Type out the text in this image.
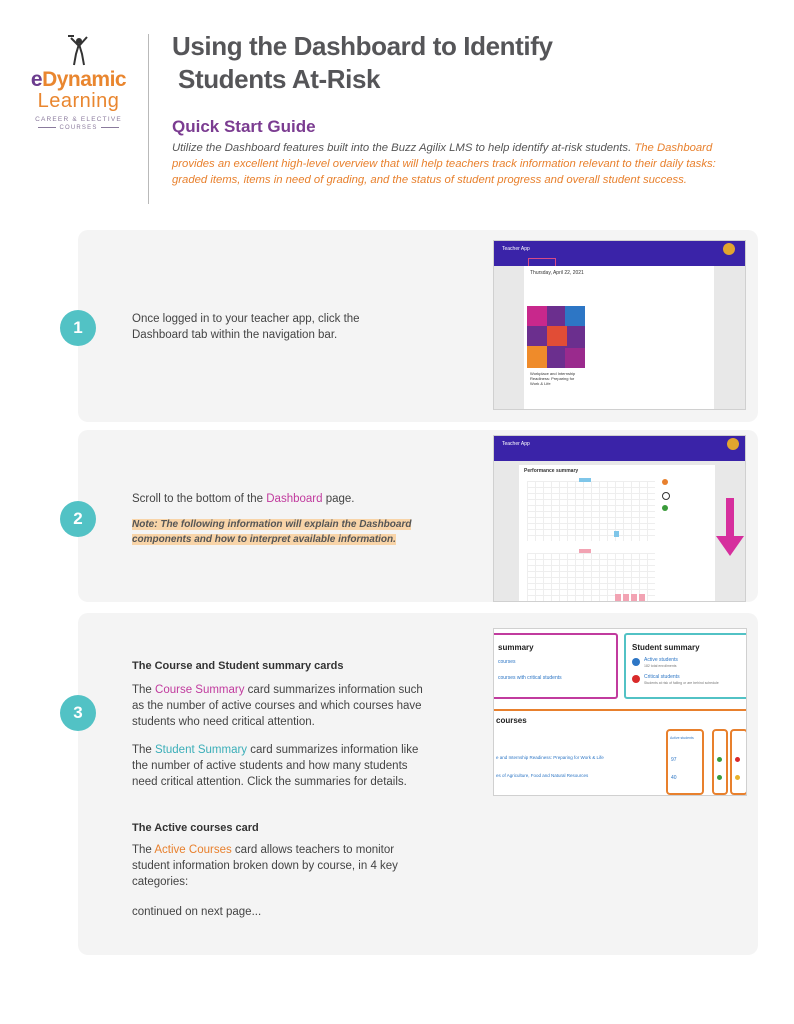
eDynamic
Learning
CAREER & ELECTIVE
COURSES
Using the Dashboard to Identify
Students At-Risk
Quick Start Guide
Utilize the Dashboard features built into the Buzz Agilix LMS to help identify at-risk students. The Dashboard provides an excellent high-level overview that will help teachers track information relevant to their daily tasks: graded items, items in need of grading, and the status of student progress and overall student success.
1	Once logged in to your teacher app, click the Dashboard tab within the navigation bar.
Teacher App
Thursday, April 22, 2021
Workplace and Internship Readiness: Preparing for Work & Life
2
Scroll to the bottom of the Dashboard page.
Note: The following information will explain the Dashboard components and how to interpret available information.
Teacher App
Performance summary
3
The Course and Student summary cards
The Course Summary card summarizes information such as the number of active courses and which courses have students who need critical attention.
The Student Summary card summarizes information like the number of active students and how many students need critical attention. Click the summaries for details.
The Active courses card
The Active Courses card allows teachers to monitor student information broken down by course, in 4 key categories:
continued on next page...
summary
courses
courses with critical students
Student summary
Active students
182 total enrollments
Critical students
Students at risk of failing or are behind schedule
courses
Active students
97
40
e and Internship Readiness: Preparing for Work & Life
es of Agriculture, Food and Natural Resources
